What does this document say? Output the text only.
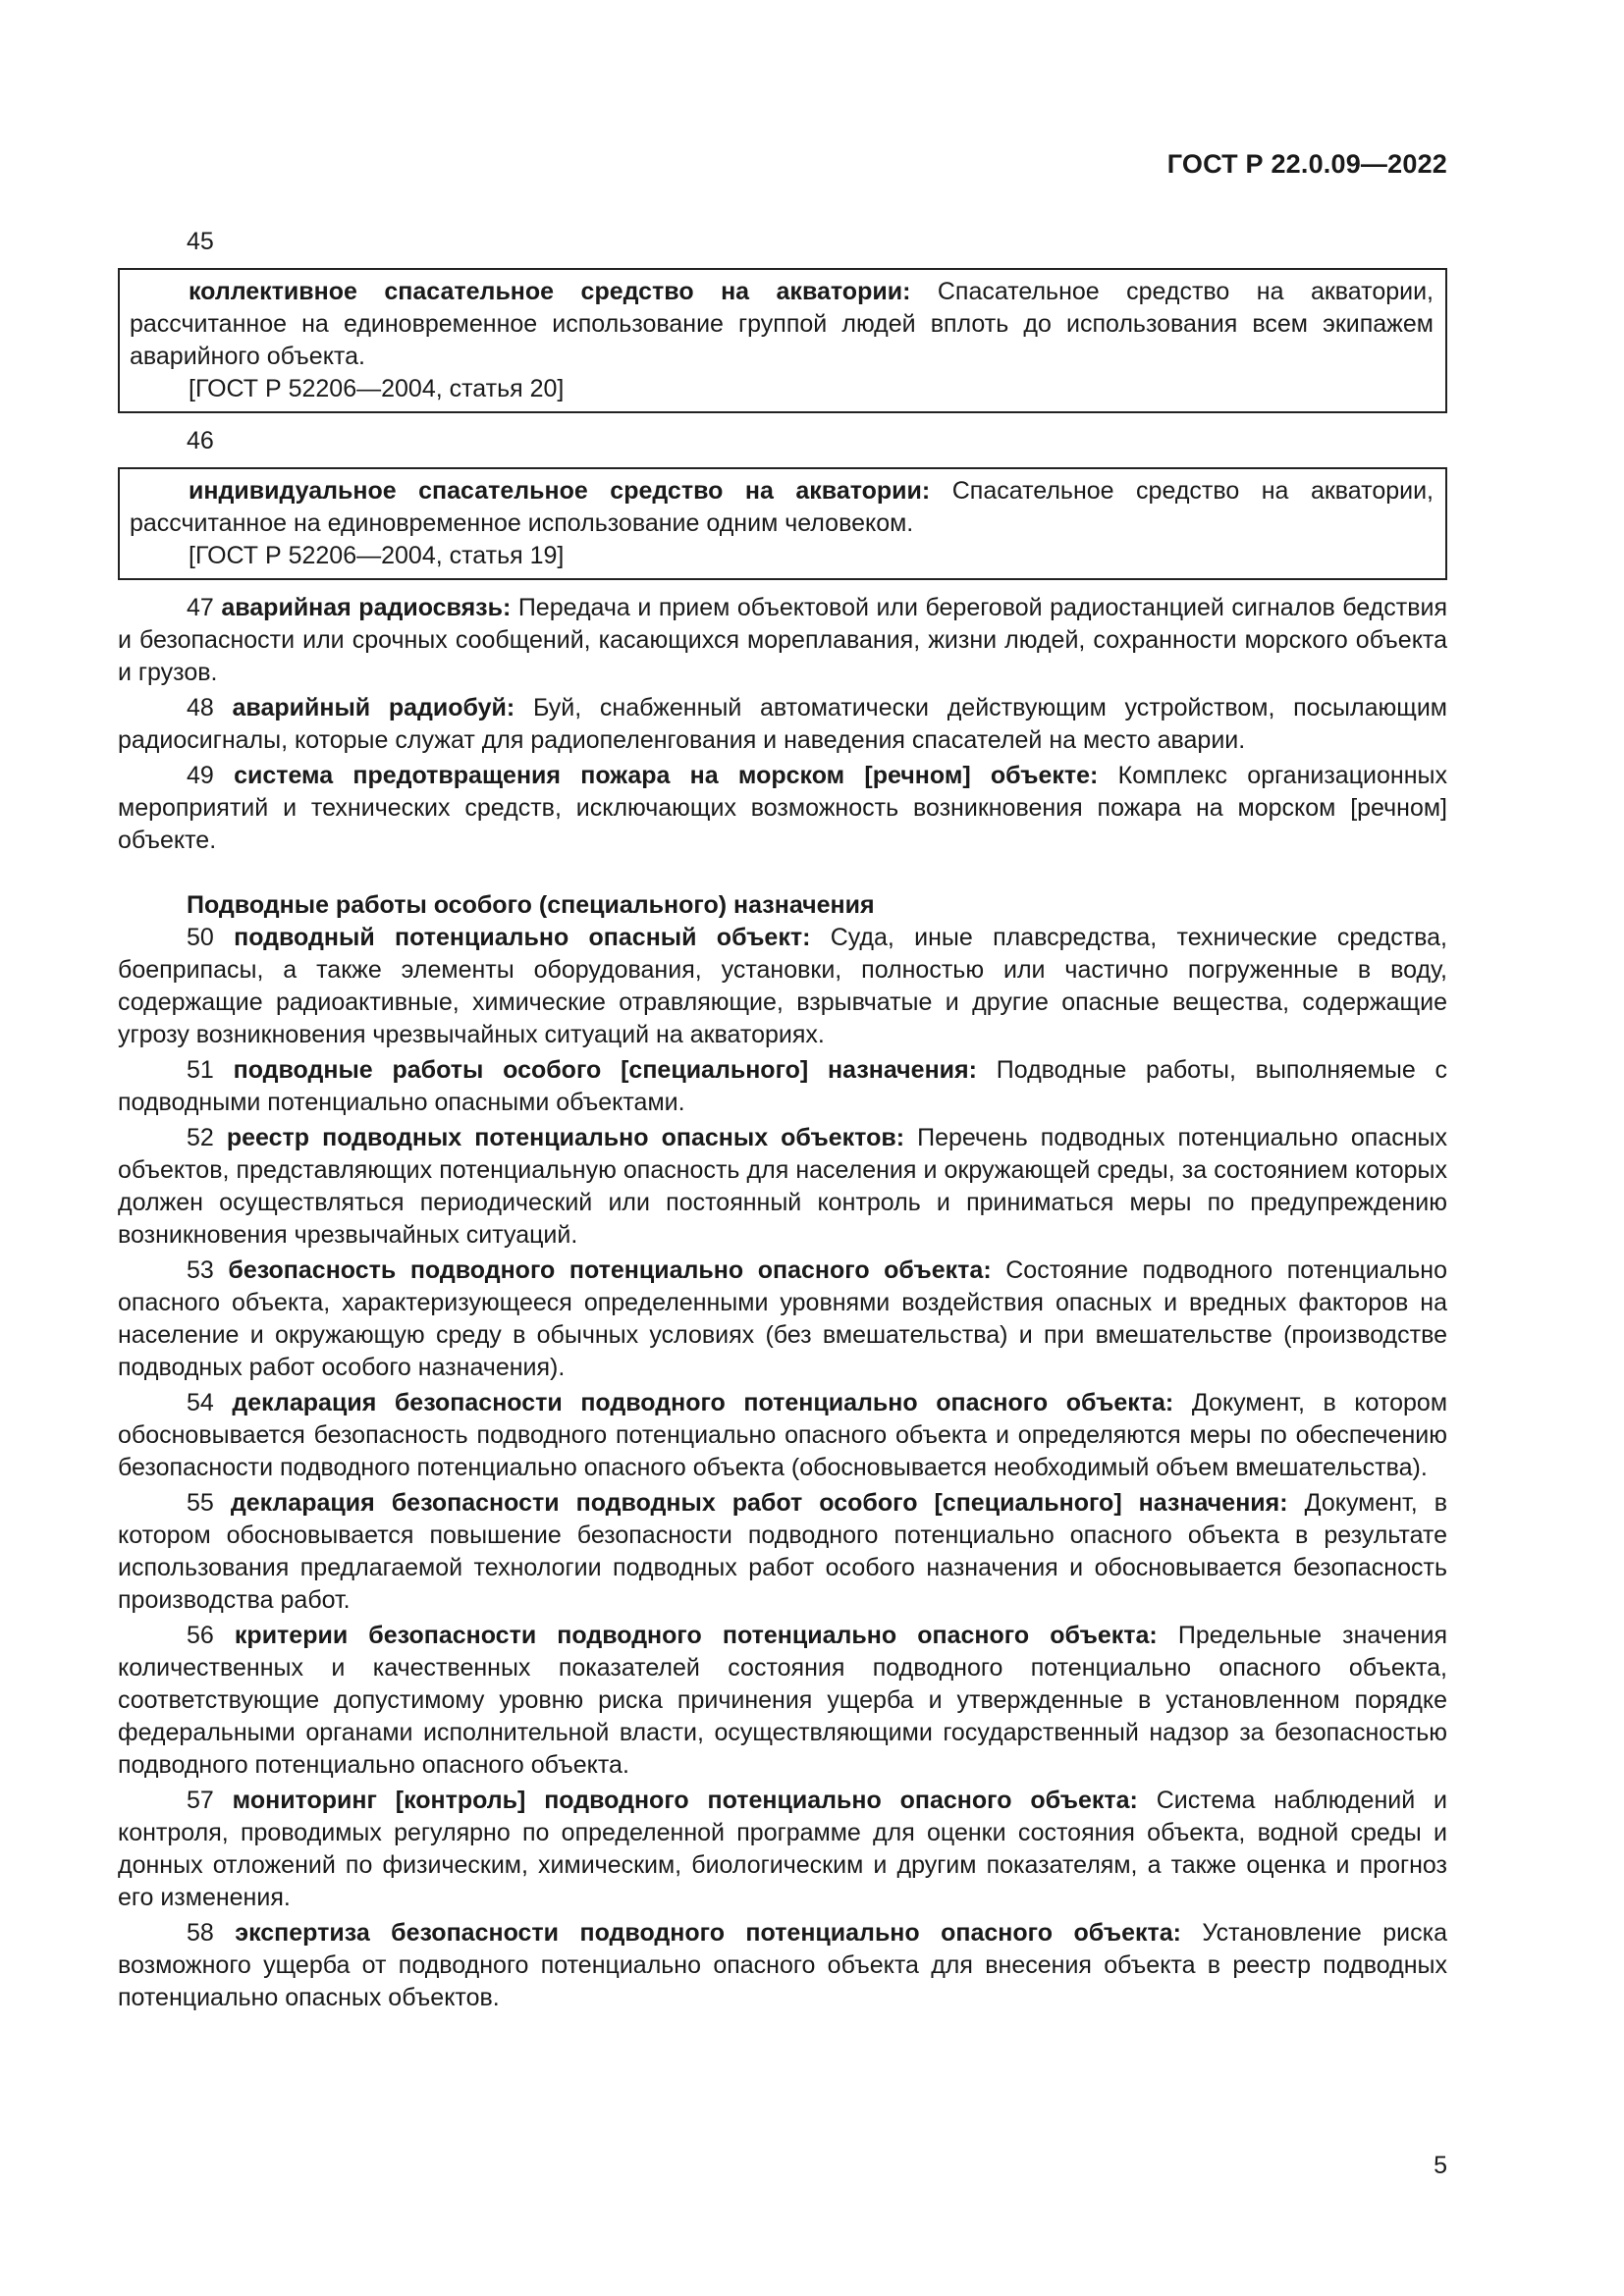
ГОСТ Р 22.0.09—2022
45

коллективное спасательное средство на акватории: Спасательное средство на акватории, рассчитанное на единовременное использование группой людей вплоть до использования всем экипажем аварийного объекта.

[ГОСТ Р 52206—2004, статья 20]

46

индивидуальное спасательное средство на акватории: Спасательное средство на акватории, рассчитанное на единовременное использование одним человеком.

[ГОСТ Р 52206—2004, статья 19]

47 аварийная радиосвязь: Передача и прием объектовой или береговой радиостанцией сигналов бедствия и безопасности или срочных сообщений, касающихся мореплавания, жизни людей, сохранности морского объекта и грузов.

48 аварийный радиобуй: Буй, снабженный автоматически действующим устройством, посылающим радиосигналы, которые служат для радиопеленгования и наведения спасателей на место аварии.

49 система предотвращения пожара на морском [речном] объекте: Комплекс организационных мероприятий и технических средств, исключающих возможность возникновения пожара на морском [речном] объекте.

Подводные работы особого (специального) назначения

50 подводный потенциально опасный объект: Суда, иные плавсредства, технические средства, боеприпасы, а также элементы оборудования, установки, полностью или частично погруженные в воду, содержащие радиоактивные, химические отравляющие, взрывчатые и другие опасные вещества, содержащие угрозу возникновения чрезвычайных ситуаций на акваториях.

51 подводные работы особого [специального] назначения: Подводные работы, выполняемые с подводными потенциально опасными объектами.

52 реестр подводных потенциально опасных объектов: Перечень подводных потенциально опасных объектов, представляющих потенциальную опасность для населения и окружающей среды, за состоянием которых должен осуществляться периодический или постоянный контроль и приниматься меры по предупреждению возникновения чрезвычайных ситуаций.

53 безопасность подводного потенциально опасного объекта: Состояние подводного потенциально опасного объекта, характеризующееся определенными уровнями воздействия опасных и вредных факторов на население и окружающую среду в обычных условиях (без вмешательства) и при вмешательстве (производстве подводных работ особого назначения).

54 декларация безопасности подводного потенциально опасного объекта: Документ, в котором обосновывается безопасность подводного потенциально опасного объекта и определяются меры по обеспечению безопасности подводного потенциально опасного объекта (обосновывается необходимый объем вмешательства).

55 декларация безопасности подводных работ особого [специального] назначения: Документ, в котором обосновывается повышение безопасности подводного потенциально опасного объекта в результате использования предлагаемой технологии подводных работ особого назначения и обосновывается безопасность производства работ.

56 критерии безопасности подводного потенциально опасного объекта: Предельные значения количественных и качественных показателей состояния подводного потенциально опасного объекта, соответствующие допустимому уровню риска причинения ущерба и утвержденные в установленном порядке федеральными органами исполнительной власти, осуществляющими государственный надзор за безопасностью подводного потенциально опасного объекта.

57 мониторинг [контроль] подводного потенциально опасного объекта: Система наблюдений и контроля, проводимых регулярно по определенной программе для оценки состояния объекта, водной среды и донных отложений по физическим, химическим, биологическим и другим показателям, а также оценка и прогноз его изменения.

58 экспертиза безопасности подводного потенциально опасного объекта: Установление риска возможного ущерба от подводного потенциально опасного объекта для внесения объекта в реестр подводных потенциально опасных объектов.

5
